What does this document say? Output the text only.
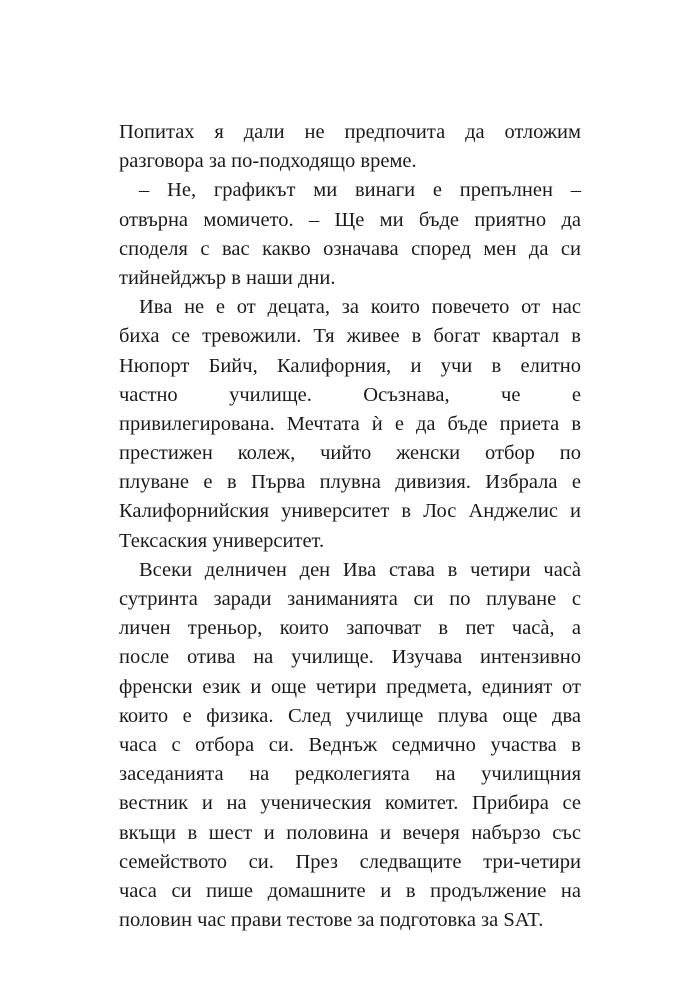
Попитах я дали не предпочита да отложим
разговора за по-подходящо време.

– Не, графикът ми винаги е препълнен –
отвърна момичето. – Ще ми бъде приятно да
споделя с вас какво означава според мен да си
тийнейджър в наши дни.

Ива не е от децата, за които повечето от нас
биха се тревожили. Тя живее в богат квартал в
Нюпорт Бийч, Калифорния, и учи в елитно
частно училище. Осъзнава, че е
привилегирована. Мечтата ѝ е да бъде приета в
престижен колеж, чийто женски отбор по
плуване е в Първа плувна дивизия. Избрала е
Калифорнийския университет в Лос Анджелис и
Тексаския университет.

Всеки делничен ден Ива става в четири часà
сутринта заради заниманията си по плуване с
личен треньор, които започват в пет часà, а
после отива на училище. Изучава интензивно
френски език и още четири предмета, единият от
които е физика. След училище плува още два
часа с отбора си. Веднъж седмично участва в
заседанията на редколегията на училищния
вестник и на ученическия комитет. Прибира се
вкъщи в шест и половина и вечеря набързо със
семейството си. През следващите три-четири
часа си пише домашните и в продължение на
половин час прави тестове за подготовка за SAT.
